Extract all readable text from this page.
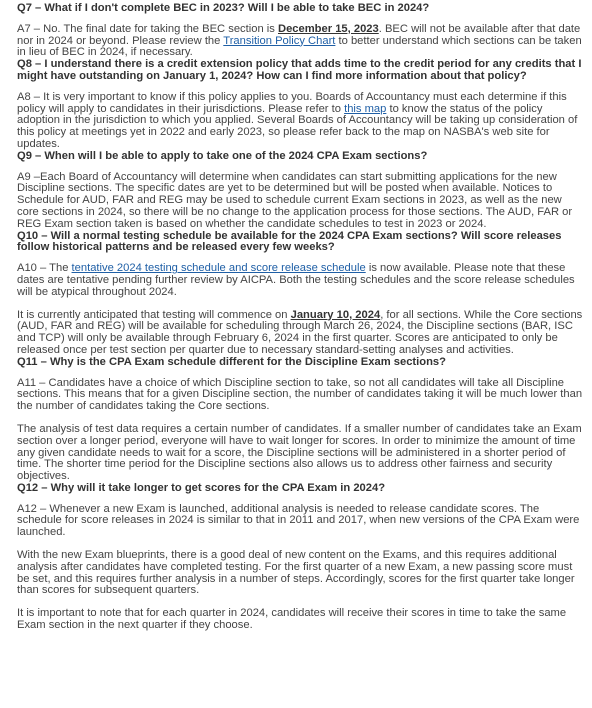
Q7 – What if I don't complete BEC in 2023? Will I be able to take BEC in 2024?
A7 – No. The final date for taking the BEC section is December 15, 2023. BEC will not be available after that date nor in 2024 or beyond. Please review the Transition Policy Chart to better understand which sections can be taken in lieu of BEC in 2024, if necessary.
Q8 – I understand there is a credit extension policy that adds time to the credit period for any credits that I might have outstanding on January 1, 2024? How can I find more information about that policy?
A8 – It is very important to know if this policy applies to you. Boards of Accountancy must each determine if this policy will apply to candidates in their jurisdictions. Please refer to this map to know the status of the policy adoption in the jurisdiction to which you applied. Several Boards of Accountancy will be taking up consideration of this policy at meetings yet in 2022 and early 2023, so please refer back to the map on NASBA's web site for updates.
Q9 – When will I be able to apply to take one of the 2024 CPA Exam sections?
A9 –Each Board of Accountancy will determine when candidates can start submitting applications for the new Discipline sections. The specific dates are yet to be determined but will be posted when available. Notices to Schedule for AUD, FAR and REG may be used to schedule current Exam sections in 2023, as well as the new core sections in 2024, so there will be no change to the application process for those sections. The AUD, FAR or REG Exam section taken is based on whether the candidate schedules to test in 2023 or 2024.
Q10 – Will a normal testing schedule be available for the 2024 CPA Exam sections? Will score releases follow historical patterns and be released every few weeks?
A10 – The tentative 2024 testing schedule and score release schedule is now available. Please note that these dates are tentative pending further review by AICPA. Both the testing schedules and the score release schedules will be atypical throughout 2024.
It is currently anticipated that testing will commence on January 10, 2024, for all sections. While the Core sections (AUD, FAR and REG) will be available for scheduling through March 26, 2024, the Discipline sections (BAR, ISC and TCP) will only be available through February 6, 2024 in the first quarter. Scores are anticipated to only be released once per test section per quarter due to necessary standard-setting analyses and activities.
Q11 – Why is the CPA Exam schedule different for the Discipline Exam sections?
A11 – Candidates have a choice of which Discipline section to take, so not all candidates will take all Discipline sections. This means that for a given Discipline section, the number of candidates taking it will be much lower than the number of candidates taking the Core sections.
The analysis of test data requires a certain number of candidates. If a smaller number of candidates take an Exam section over a longer period, everyone will have to wait longer for scores. In order to minimize the amount of time any given candidate needs to wait for a score, the Discipline sections will be administered in a shorter period of time. The shorter time period for the Discipline sections also allows us to address other fairness and security objectives.
Q12 – Why will it take longer to get scores for the CPA Exam in 2024?
A12 – Whenever a new Exam is launched, additional analysis is needed to release candidate scores. The schedule for score releases in 2024 is similar to that in 2011 and 2017, when new versions of the CPA Exam were launched.
With the new Exam blueprints, there is a good deal of new content on the Exams, and this requires additional analysis after candidates have completed testing. For the first quarter of a new Exam, a new passing score must be set, and this requires further analysis in a number of steps. Accordingly, scores for the first quarter take longer than scores for subsequent quarters.
It is important to note that for each quarter in 2024, candidates will receive their scores in time to take the same Exam section in the next quarter if they choose.
